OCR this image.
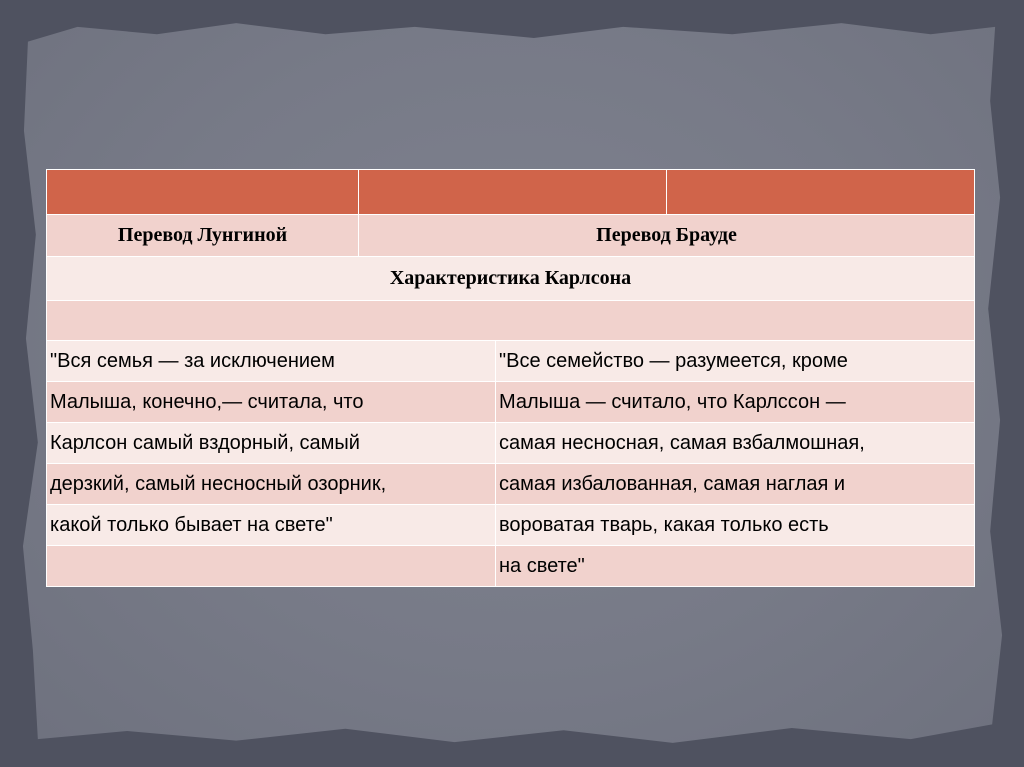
Перевод Лунгиной	Перевод Брауде		
Характеристика Карлсона			

"Вся семья — за исключением		"Все семейство — разумеется, кроме	
Малыша, конечно,— считала, что		Малыша — считало, что Карлссон —	
Карлсон самый вздорный, самый		самая несносная, самая взбалмошная,	
дерзкий, самый несносный озорник,		самая избалованная, самая наглая и	
какой только бывает на свете"		вороватая тварь, какая только есть	
		на свете"	
